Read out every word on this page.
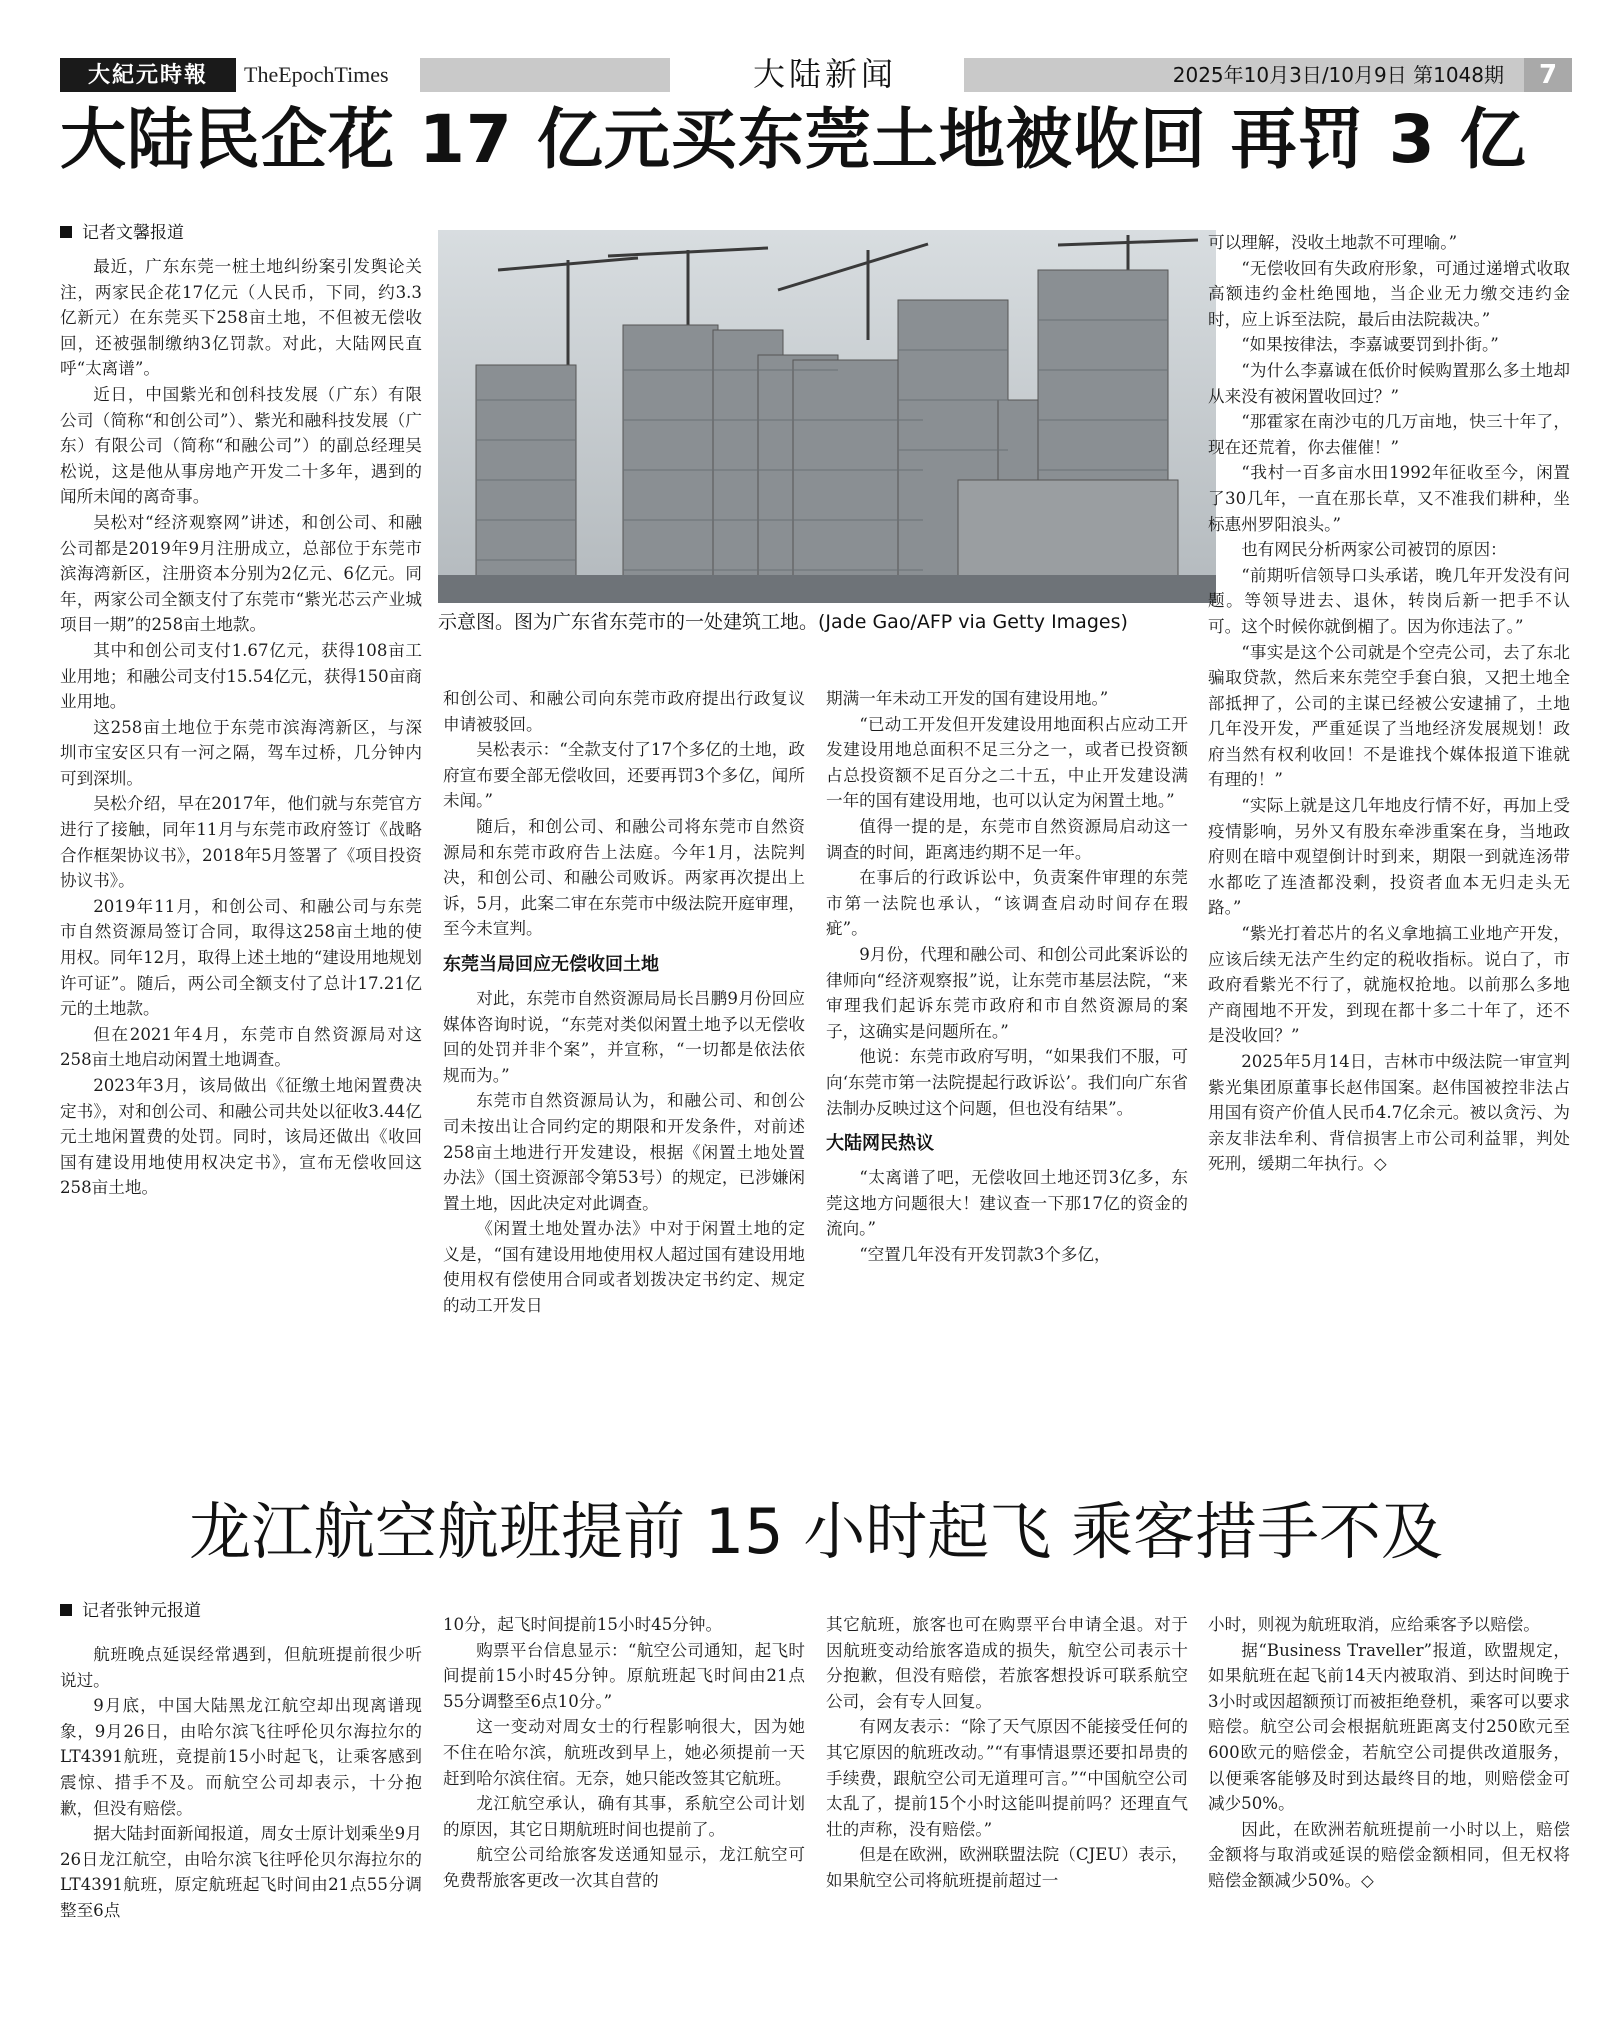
大紀元時報	TheEpochTimes	大陆新闻	2025年10月3日/10月9日 第1048期	7
大陆民企花 17 亿元买东莞土地被收回 再罚 3 亿
记者文馨报道

最近，广东东莞一桩土地纠纷案引发舆论关注，两家民企花17亿元（人民币，下同，约3.3亿新元）在东莞买下258亩土地，不但被无偿收回，还被强制缴纳3亿罚款。对此，大陆网民直呼“太离谱”。

近日，中国紫光和创科技发展（广东）有限公司（简称“和创公司”）、紫光和融科技发展（广东）有限公司（简称“和融公司”）的副总经理吴松说，这是他从事房地产开发二十多年，遇到的闻所未闻的离奇事。

吴松对“经济观察网”讲述，和创公司、和融公司都是2019年9月注册成立，总部位于东莞市滨海湾新区，注册资本分别为2亿元、6亿元。同年，两家公司全额支付了东莞市“紫光芯云产业城项目一期”的258亩土地款。

其中和创公司支付1.67亿元，获得108亩工业用地；和融公司支付15.54亿元，获得150亩商业用地。

这258亩土地位于东莞市滨海湾新区，与深圳市宝安区只有一河之隔，驾车过桥，几分钟内可到深圳。

吴松介绍，早在2017年，他们就与东莞官方进行了接触，同年11月与东莞市政府签订《战略合作框架协议书》，2018年5月签署了《项目投资协议书》。

2019年11月，和创公司、和融公司与东莞市自然资源局签订合同，取得这258亩土地的使用权。同年12月，取得上述土地的“建设用地规划许可证”。随后，两公司全额支付了总计17.21亿元的土地款。

但在2021年4月，东莞市自然资源局对这258亩土地启动闲置土地调查。

2023年3月，该局做出《征缴土地闲置费决定书》，对和创公司、和融公司共处以征收3.44亿元土地闲置费的处罚。同时，该局还做出《收回国有建设用地使用权决定书》，宣布无偿收回这258亩土地。

示意图。图为广东省东莞市的一处建筑工地。(Jade Gao/AFP via Getty Images)

和创公司、和融公司向东莞市政府提出行政复议申请被驳回。

吴松表示：“全款支付了17个多亿的土地，政府宣布要全部无偿收回，还要再罚3个多亿，闻所未闻。”

随后，和创公司、和融公司将东莞市自然资源局和东莞市政府告上法庭。今年1月，法院判决，和创公司、和融公司败诉。两家再次提出上诉，5月，此案二审在东莞市中级法院开庭审理，至今未宣判。

东莞当局回应无偿收回土地

对此，东莞市自然资源局局长吕鹏9月份回应媒体咨询时说，“东莞对类似闲置土地予以无偿收回的处罚并非个案”，并宣称，“一切都是依法依规而为。”

东莞市自然资源局认为，和融公司、和创公司未按出让合同约定的期限和开发条件，对前述258亩土地进行开发建设，根据《闲置土地处置办法》（国土资源部令第53号）的规定，已涉嫌闲置土地，因此决定对此调查。

《闲置土地处置办法》中对于闲置土地的定义是，“国有建设用地使用权人超过国有建设用地使用权有偿使用合同或者划拨决定书约定、规定的动工开发日

期满一年未动工开发的国有建设用地。”

“已动工开发但开发建设用地面积占应动工开发建设用地总面积不足三分之一，或者已投资额占总投资额不足百分之二十五，中止开发建设满一年的国有建设用地，也可以认定为闲置土地。”

值得一提的是，东莞市自然资源局启动这一调查的时间，距离违约期不足一年。

在事后的行政诉讼中，负责案件审理的东莞市第一法院也承认，“该调查启动时间存在瑕疵”。

9月份，代理和融公司、和创公司此案诉讼的律师向“经济观察报”说，让东莞市基层法院，“来审理我们起诉东莞市政府和市自然资源局的案子，这确实是问题所在。”

他说：东莞市政府写明，“如果我们不服，可向‘东莞市第一法院提起行政诉讼’。我们向广东省法制办反映过这个问题，但也没有结果”。

大陆网民热议

“太离谱了吧，无偿收回土地还罚3亿多，东莞这地方问题很大！建议查一下那17亿的资金的流向。”

“空置几年没有开发罚款3个多亿，

可以理解，没收土地款不可理喻。”

“无偿收回有失政府形象，可通过递增式收取高额违约金杜绝囤地，当企业无力缴交违约金时，应上诉至法院，最后由法院裁决。”

“如果按律法，李嘉诚要罚到扑街。”

“为什么李嘉诚在低价时候购置那么多土地却从来没有被闲置收回过？”

“那霍家在南沙屯的几万亩地，快三十年了，现在还荒着，你去催催！”

“我村一百多亩水田1992年征收至今，闲置了30几年，一直在那长草，又不准我们耕种，坐标惠州罗阳浪头。”

也有网民分析两家公司被罚的原因：

“前期听信领导口头承诺，晚几年开发没有问题。等领导进去、退休，转岗后新一把手不认可。这个时候你就倒楣了。因为你违法了。”

“事实是这个公司就是个空壳公司，去了东北骗取贷款，然后来东莞空手套白狼，又把土地全部抵押了，公司的主谋已经被公安逮捕了，土地几年没开发，严重延误了当地经济发展规划！政府当然有权利收回！不是谁找个媒体报道下谁就有理的！”

“实际上就是这几年地皮行情不好，再加上受疫情影响，另外又有股东牵涉重案在身，当地政府则在暗中观望倒计时到来，期限一到就连汤带水都吃了连渣都没剩，投资者血本无归走头无路。”

“紫光打着芯片的名义拿地搞工业地产开发，应该后续无法产生约定的税收指标。说白了，市政府看紫光不行了，就施权抢地。以前那么多地产商囤地不开发，到现在都十多二十年了，还不是没收回？”

2025年5月14日，吉林市中级法院一审宣判紫光集团原董事长赵伟国案。赵伟国被控非法占用国有资产价值人民币4.7亿余元。被以贪污、为亲友非法牟利、背信损害上市公司利益罪，判处死刑，缓期二年执行。◇

龙江航空航班提前 15 小时起飞 乘客措手不及
记者张钟元报道

航班晚点延误经常遇到，但航班提前很少听说过。

9月底，中国大陆黑龙江航空却出现离谱现象，9月26日，由哈尔滨飞往呼伦贝尔海拉尔的LT4391航班，竟提前15小时起飞，让乘客感到震惊、措手不及。而航空公司却表示，十分抱歉，但没有赔偿。

据大陆封面新闻报道，周女士原计划乘坐9月26日龙江航空，由哈尔滨飞往呼伦贝尔海拉尔的LT4391航班，原定航班起飞时间由21点55分调整至6点

10分，起飞时间提前15小时45分钟。

购票平台信息显示：“航空公司通知，起飞时间提前15小时45分钟。原航班起飞时间由21点55分调整至6点10分。”

这一变动对周女士的行程影响很大，因为她不住在哈尔滨，航班改到早上，她必须提前一天赶到哈尔滨住宿。无奈，她只能改签其它航班。

龙江航空承认，确有其事，系航空公司计划的原因，其它日期航班时间也提前了。

航空公司给旅客发送通知显示，龙江航空可免费帮旅客更改一次其自营的

其它航班，旅客也可在购票平台申请全退。对于因航班变动给旅客造成的损失，航空公司表示十分抱歉，但没有赔偿，若旅客想投诉可联系航空公司，会有专人回复。

有网友表示：“除了天气原因不能接受任何的其它原因的航班改动。”“有事情退票还要扣昂贵的手续费，跟航空公司无道理可言。”“中国航空公司太乱了，提前15个小时这能叫提前吗？还理直气壮的声称，没有赔偿。”

但是在欧洲，欧洲联盟法院（CJEU）表示，如果航空公司将航班提前超过一

小时，则视为航班取消，应给乘客予以赔偿。

据“Business Traveller”报道，欧盟规定，如果航班在起飞前14天内被取消、到达时间晚于3小时或因超额预订而被拒绝登机，乘客可以要求赔偿。航空公司会根据航班距离支付250欧元至600欧元的赔偿金，若航空公司提供改道服务，以便乘客能够及时到达最终目的地，则赔偿金可减少50%。

因此，在欧洲若航班提前一小时以上，赔偿金额将与取消或延误的赔偿金额相同，但无权将赔偿金额减少50%。◇
